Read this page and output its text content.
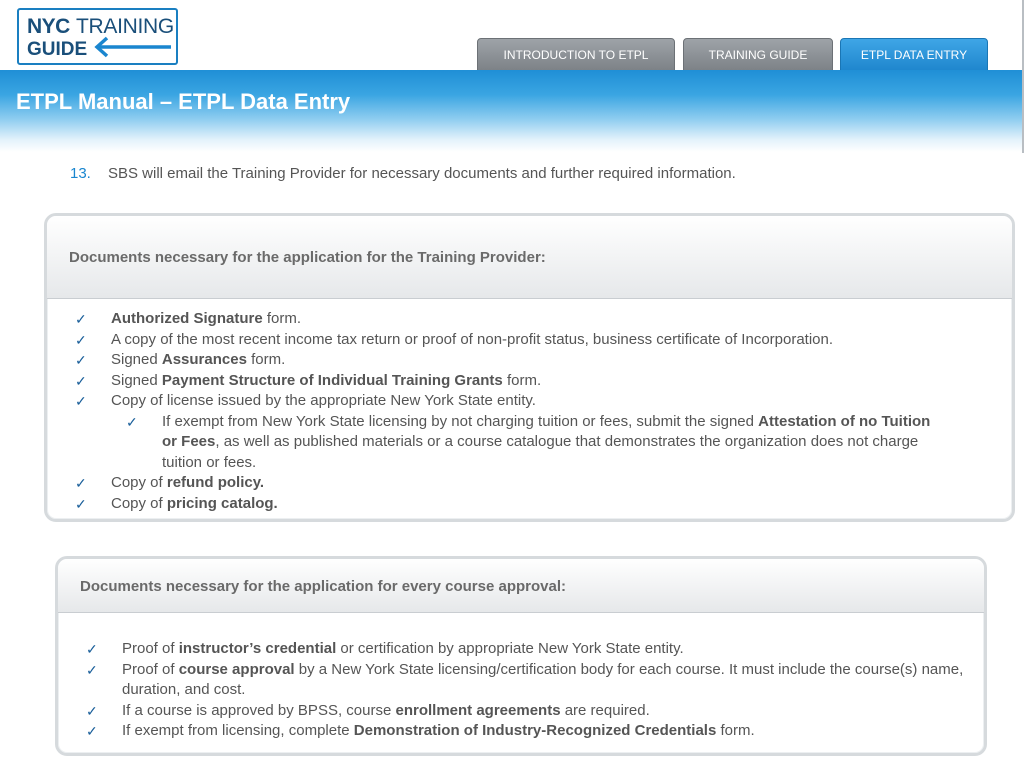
NYC TRAINING
GUIDE	INTRODUCTION TO ETPL	TRAINING GUIDE	ETPL DATA ENTRY
ETPL Manual – ETPL Data Entry
13. SBS will email the Training Provider for necessary documents and further required information.
Documents necessary for the application for the Training Provider:
✓ Authorized Signature form.
✓ A copy of the most recent income tax return or proof of non-profit status, business certificate of Incorporation.
✓ Signed Assurances form.
✓ Signed Payment Structure of Individual Training Grants form.
✓ Copy of license issued by the appropriate New York State entity.
✓ If exempt from New York State licensing by not charging tuition or fees, submit the signed Attestation of no Tuition or Fees, as well as published materials or a course catalogue that demonstrates the organization does not charge tuition or fees.
✓ Copy of refund policy.
✓ Copy of pricing catalog.
Documents necessary for the application for every course approval:
✓ Proof of instructor’s credential or certification by appropriate New York State entity.
✓ Proof of course approval by a New York State licensing/certification body for each course. It must include the course(s) name, duration, and cost.
✓ If a course is approved by BPSS, course enrollment agreements are required.
✓ If exempt from licensing, complete Demonstration of Industry-Recognized Credentials form.
